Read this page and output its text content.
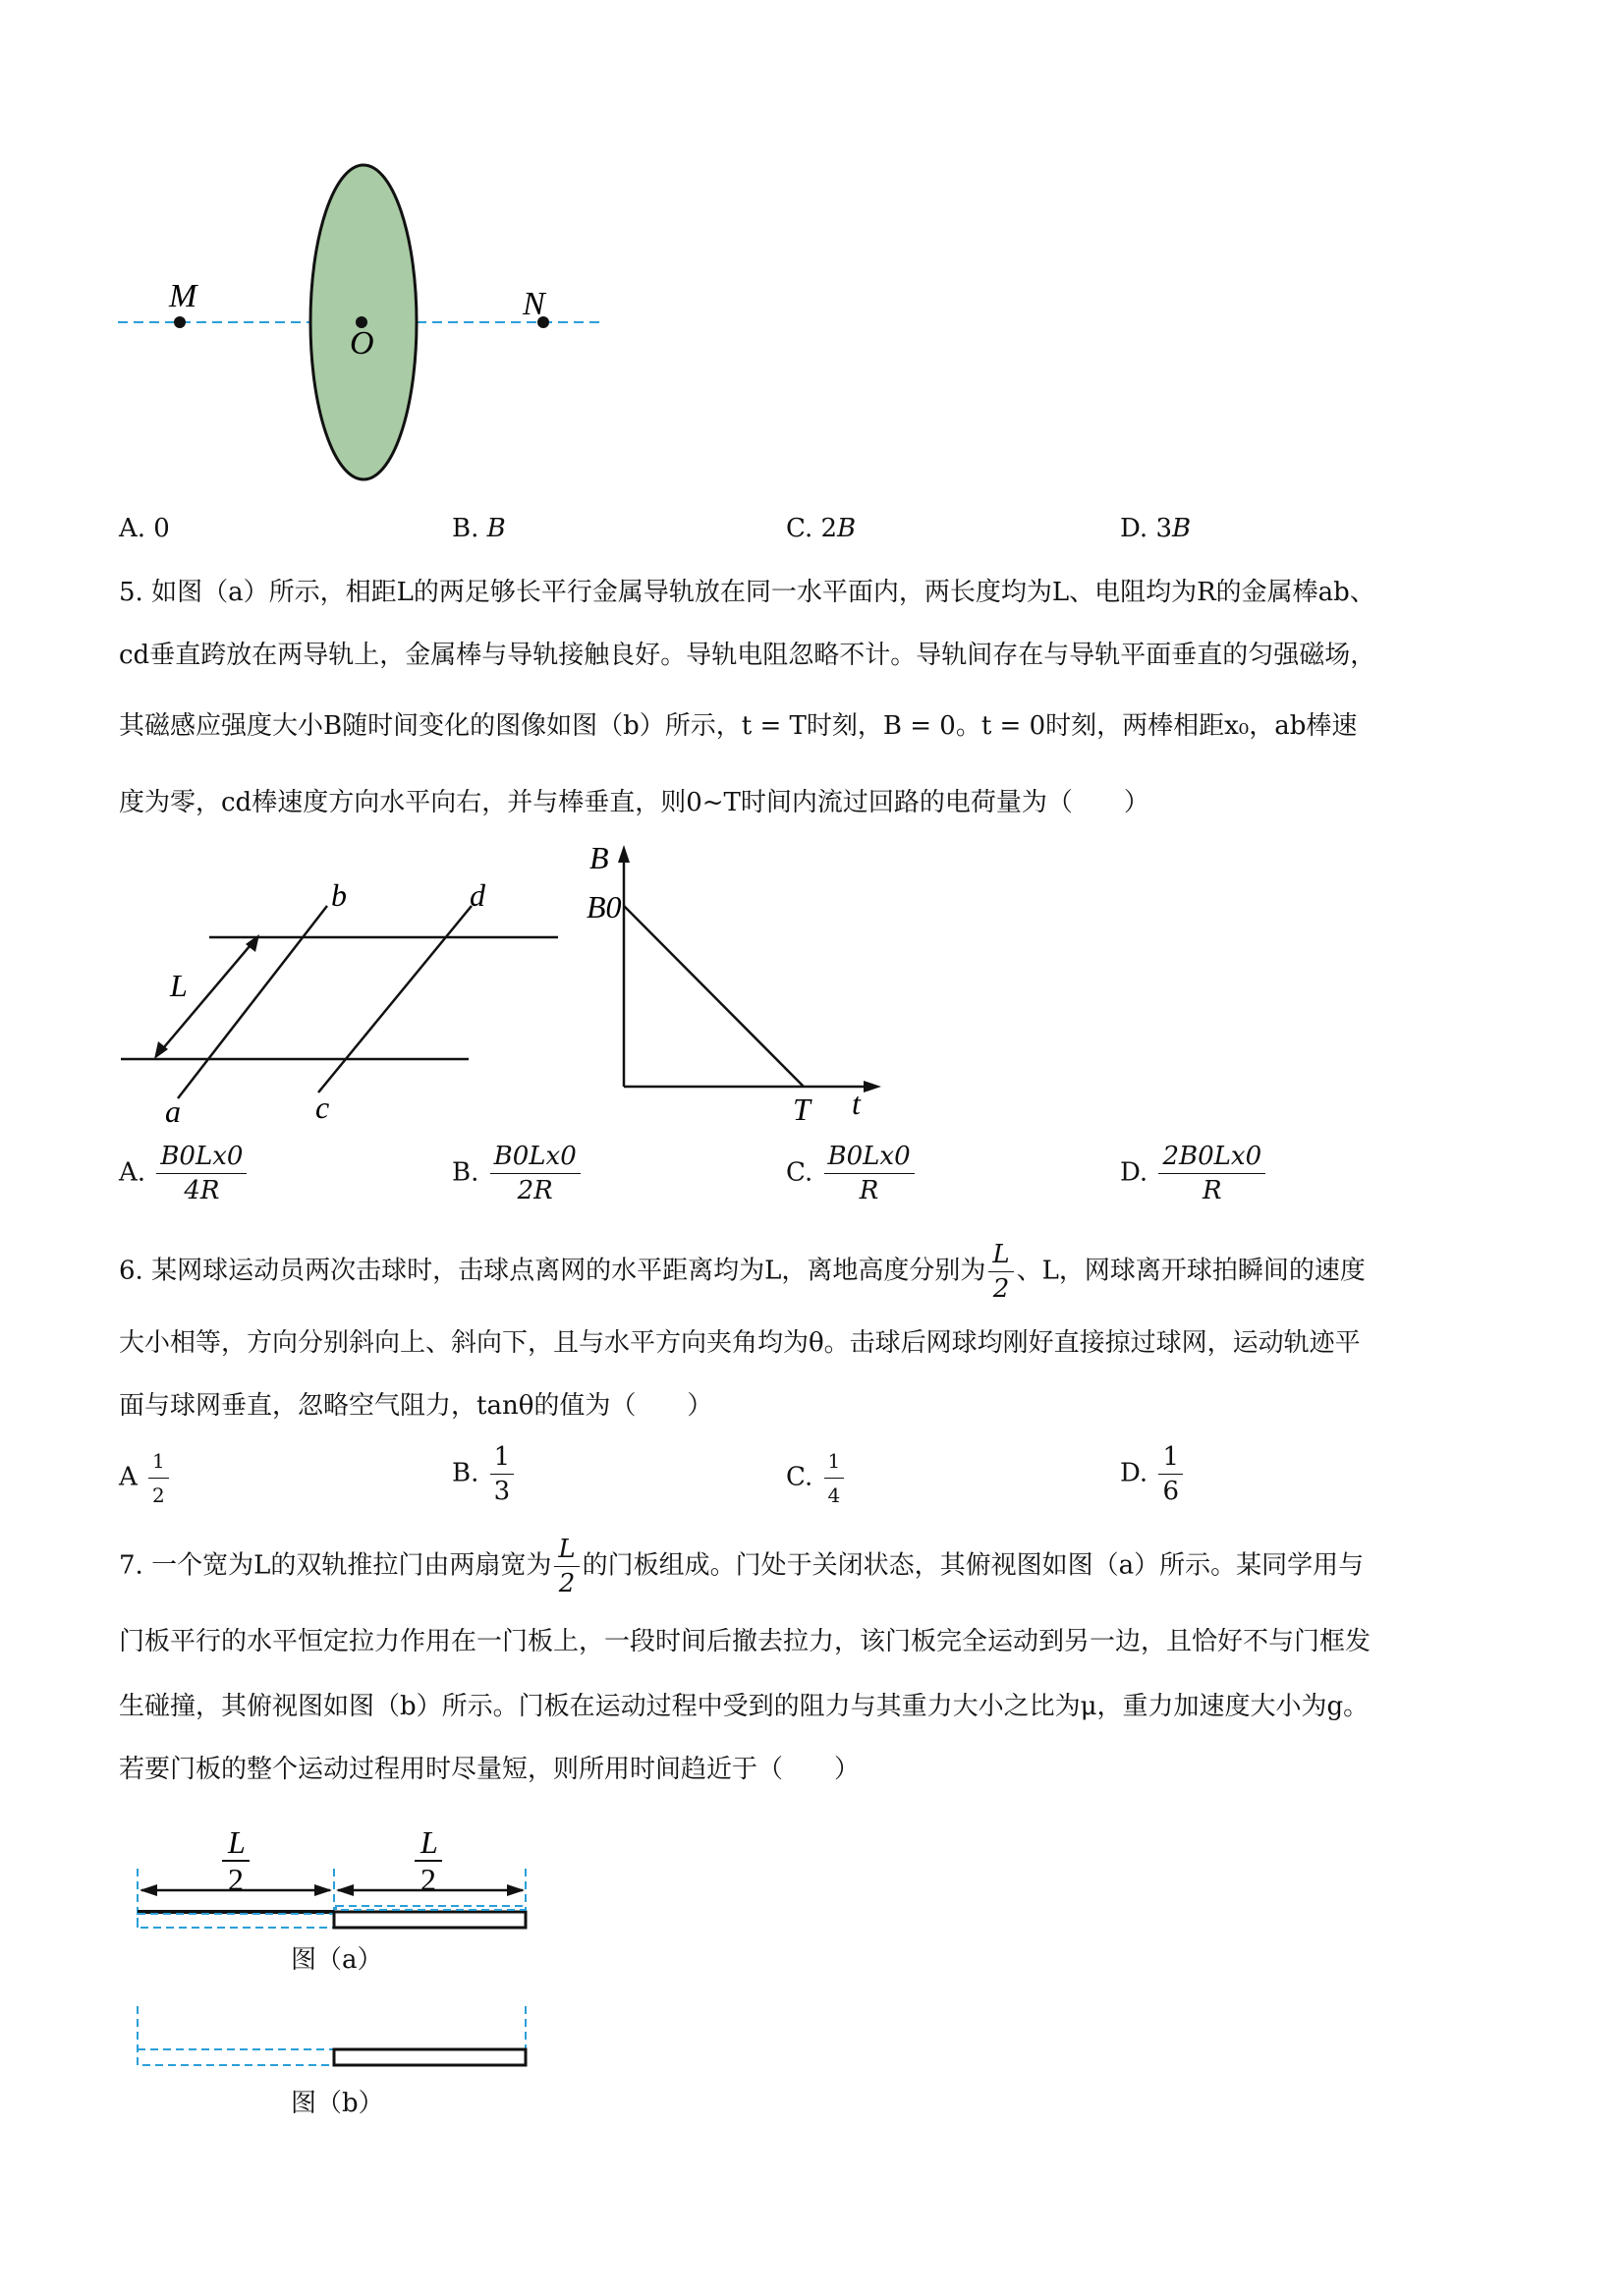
M
O
N
A. 0	B. B	C. 2B	D. 3B
5. 如图（a）所示，相距L的两足够长平行金属导轨放在同一水平面内，两长度均为L、电阻均为R的金属棒ab、
cd垂直跨放在两导轨上，金属棒与导轨接触良好。导轨电阻忽略不计。导轨间存在与导轨平面垂直的匀强磁场，
其磁感应强度大小B随时间变化的图像如图（b）所示，t = T时刻，B = 0。t = 0时刻，两棒相距x₀，ab棒速
度为零，cd棒速度方向水平向右，并与棒垂直，则0~T时间内流过回路的电荷量为（　　）
b	d
L
a	c
B
B0
T t
A. $\frac{B0Lx0}{4R}$	B. $\frac{B0Lx0}{2R}$	C. $\frac{B0Lx0}{R}$	D. $\frac{2B0Lx0}{R}$
6. 某网球运动员两次击球时，击球点离网的水平距离均为L，离地高度分别为 $\frac{L}{2}$ 、L，网球离开球拍瞬间的速度
大小相等，方向分别斜向上、斜向下，且与水平方向夹角均为θ。击球后网球均刚好直接掠过球网，运动轨迹平
面与球网垂直，忽略空气阻力，tanθ的值为（　　）
A $\frac{1}{2}$	B. $\frac{1}{3}$	C. $\frac{1}{4}$	D. $\frac{1}{6}$
7. 一个宽为L的双轨推拉门由两扇宽为 $\frac{L}{2}$ 的门板组成。门处于关闭状态，其俯视图如图（a）所示。某同学用与
门板平行的水平恒定拉力作用在一门板上，一段时间后撤去拉力，该门板完全运动到另一边，且恰好不与门框发
生碰撞，其俯视图如图（b）所示。门板在运动过程中受到的阻力与其重力大小之比为μ，重力加速度大小为g。
若要门板的整个运动过程用时尽量短，则所用时间趋近于（　　）
L
2
L
2
图（a）
图（b）
